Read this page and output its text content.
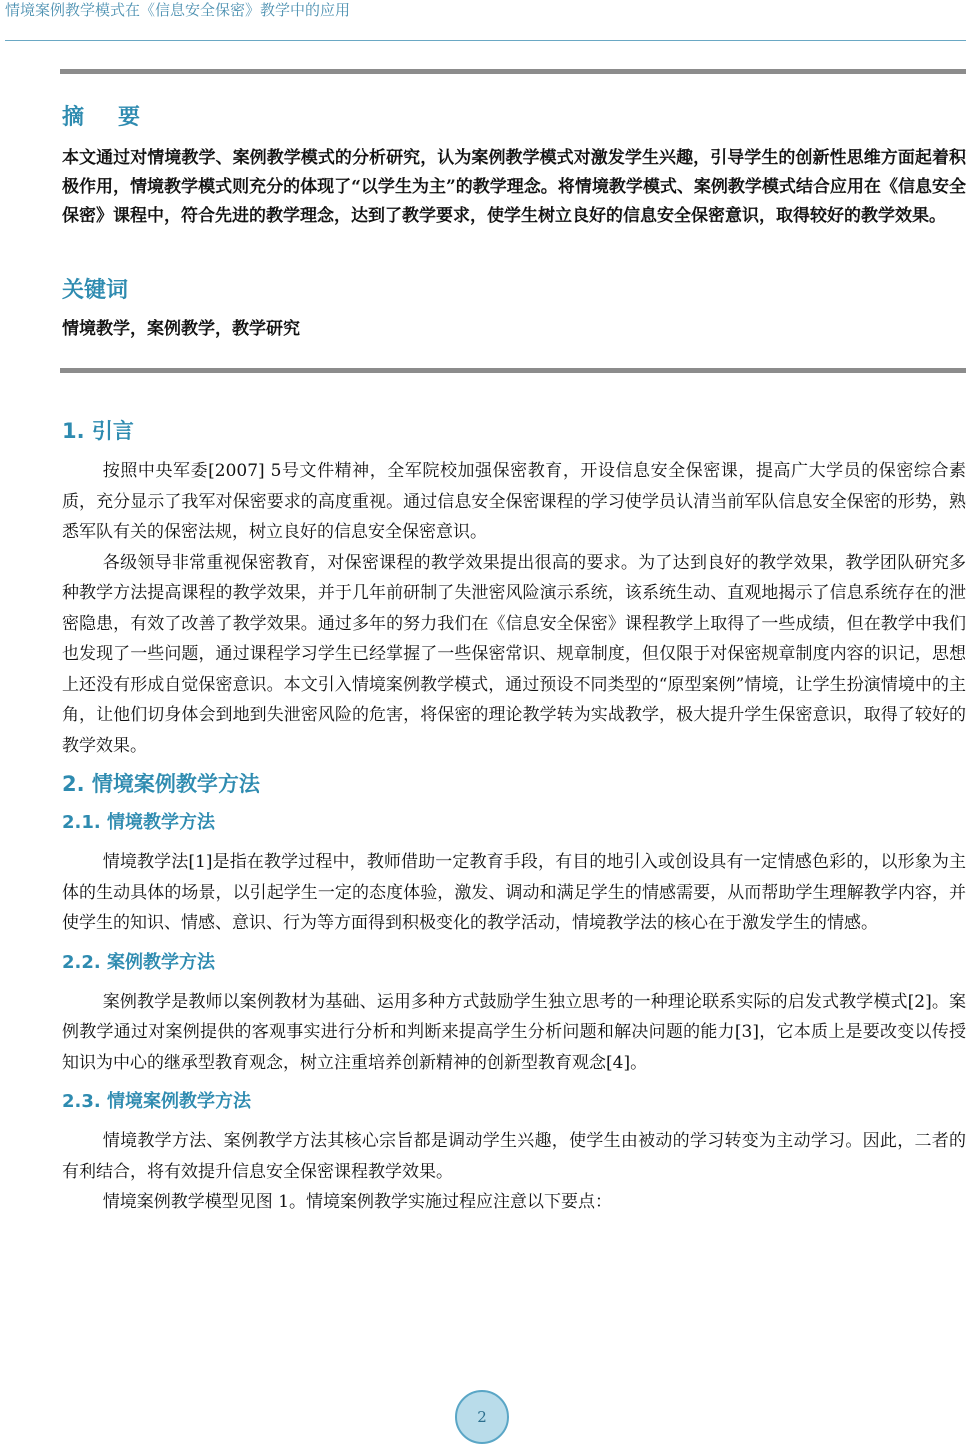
情境案例教学模式在《信息安全保密》教学中的应用
摘　要

本文通过对情境教学、案例教学模式的分析研究，认为案例教学模式对激发学生兴趣，引导学生的创新性思维方面起着积极作用，情境教学模式则充分的体现了“以学生为主”的教学理念。将情境教学模式、案例教学模式结合应用在《信息安全保密》课程中，符合先进的教学理念，达到了教学要求，使学生树立良好的信息安全保密意识，取得较好的教学效果。

关键词

情境教学，案例教学，教学研究

1. 引言

按照中央军委[2007] 5号文件精神，全军院校加强保密教育，开设信息安全保密课，提高广大学员的保密综合素质，充分显示了我军对保密要求的高度重视。通过信息安全保密课程的学习使学员认清当前军队信息安全保密的形势，熟悉军队有关的保密法规，树立良好的信息安全保密意识。

各级领导非常重视保密教育，对保密课程的教学效果提出很高的要求。为了达到良好的教学效果，教学团队研究多种教学方法提高课程的教学效果，并于几年前研制了失泄密风险演示系统，该系统生动、直观地揭示了信息系统存在的泄密隐患，有效了改善了教学效果。通过多年的努力我们在《信息安全保密》课程教学上取得了一些成绩，但在教学中我们也发现了一些问题，通过课程学习学生已经掌握了一些保密常识、规章制度，但仅限于对保密规章制度内容的识记，思想上还没有形成自觉保密意识。本文引入情境案例教学模式，通过预设不同类型的“原型案例”情境，让学生扮演情境中的主角，让他们切身体会到地到失泄密风险的危害，将保密的理论教学转为实战教学，极大提升学生保密意识，取得了较好的教学效果。

2. 情境案例教学方法
2.1. 情境教学方法

情境教学法[1]是指在教学过程中，教师借助一定教育手段，有目的地引入或创设具有一定情感色彩的，以形象为主体的生动具体的场景，以引起学生一定的态度体验，激发、调动和满足学生的情感需要，从而帮助学生理解教学内容，并使学生的知识、情感、意识、行为等方面得到积极变化的教学活动，情境教学法的核心在于激发学生的情感。

2.2. 案例教学方法

案例教学是教师以案例教材为基础、运用多种方式鼓励学生独立思考的一种理论联系实际的启发式教学模式[2]。案例教学通过对案例提供的客观事实进行分析和判断来提高学生分析问题和解决问题的能力[3]，它本质上是要改变以传授知识为中心的继承型教育观念，树立注重培养创新精神的创新型教育观念[4]。

2.3. 情境案例教学方法

情境教学方法、案例教学方法其核心宗旨都是调动学生兴趣，使学生由被动的学习转变为主动学习。因此，二者的有利结合，将有效提升信息安全保密课程教学效果。

情境案例教学模型见图 1。情境案例教学实施过程应注意以下要点：

2
